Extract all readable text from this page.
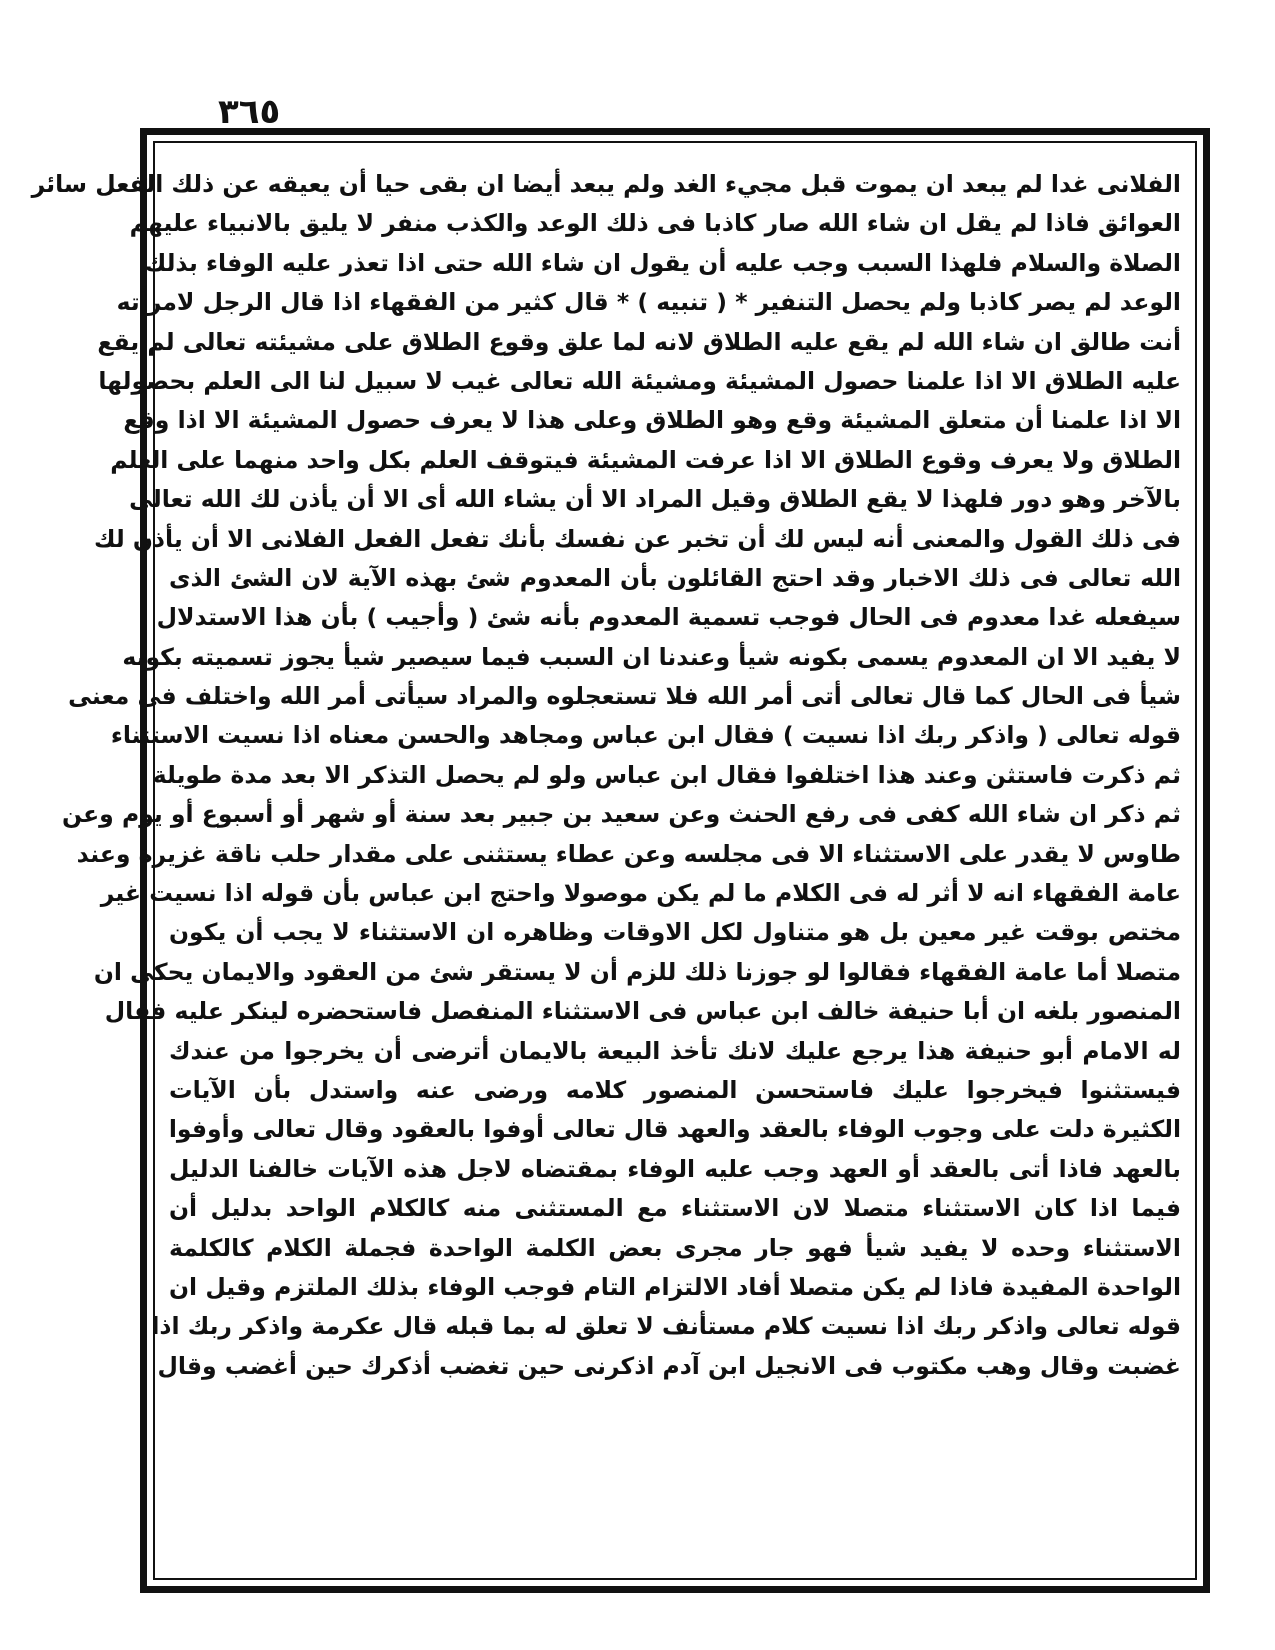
٣٦٥
الفلانى غدا لم يبعد ان يموت قبل مجيء الغد ولم يبعد أيضا ان بقى حيا أن يعيقه عن ذلك الفعل سائر
العوائق فاذا لم يقل ان شاء الله صار كاذبا فى ذلك الوعد والكذب منفر لا يليق بالانبياء عليهم
الصلاة والسلام فلهذا السبب وجب عليه أن يقول ان شاء الله حتى اذا تعذر عليه الوفاء بذلك
الوعد لم يصر كاذبا ولم يحصل التنفير * ( تنبيه ) * قال كثير من الفقهاء اذا قال الرجل لامرأته
أنت طالق ان شاء الله لم يقع عليه الطلاق لانه لما علق وقوع الطلاق على مشيئته تعالى لم يقع
عليه الطلاق الا اذا علمنا حصول المشيئة ومشيئة الله تعالى غيب لا سبيل لنا الى العلم بحصولها
الا اذا علمنا أن متعلق المشيئة وقع وهو الطلاق وعلى هذا لا يعرف حصول المشيئة الا اذا وقع
الطلاق ولا يعرف وقوع الطلاق الا اذا عرفت المشيئة فيتوقف العلم بكل واحد منهما على العلم
بالآخر وهو دور فلهذا لا يقع الطلاق وقيل المراد الا أن يشاء الله أى الا أن يأذن لك الله تعالى
فى ذلك القول والمعنى أنه ليس لك أن تخبر عن نفسك بأنك تفعل الفعل الفلانى الا أن يأذن لك
الله تعالى فى ذلك الاخبار وقد احتج القائلون بأن المعدوم شئ بهذه الآية لان الشئ الذى
سيفعله غدا معدوم فى الحال فوجب تسمية المعدوم بأنه شئ ( وأجيب ) بأن هذا الاستدلال
لا يفيد الا ان المعدوم يسمى بكونه شيأ وعندنا ان السبب فيما سيصير شيأ يجوز تسميته بكونه
شيأ فى الحال كما قال تعالى أتى أمر الله فلا تستعجلوه والمراد سيأتى أمر الله واختلف فى معنى
قوله تعالى ( واذكر ربك اذا نسيت ) فقال ابن عباس ومجاهد والحسن معناه اذا نسيت الاستثناء
ثم ذكرت فاستثن وعند هذا اختلفوا فقال ابن عباس ولو لم يحصل التذكر الا بعد مدة طويلة
ثم ذكر ان شاء الله كفى فى رفع الحنث وعن سعيد بن جبير بعد سنة أو شهر أو أسبوع أو يوم وعن
طاوس لا يقدر على الاستثناء الا فى مجلسه وعن عطاء يستثنى على مقدار حلب ناقة غزيرة وعند
عامة الفقهاء انه لا أثر له فى الكلام ما لم يكن موصولا واحتج ابن عباس بأن قوله اذا نسيت غير
مختص بوقت غير معين بل هو متناول لكل الاوقات وظاهره ان الاستثناء لا يجب أن يكون
متصلا أما عامة الفقهاء فقالوا لو جوزنا ذلك للزم أن لا يستقر شئ من العقود والايمان يحكى ان
المنصور بلغه ان أبا حنيفة خالف ابن عباس فى الاستثناء المنفصل فاستحضره لينكر عليه فقال
له الامام أبو حنيفة هذا يرجع عليك لانك تأخذ البيعة بالايمان أترضى أن يخرجوا من عندك
فيستثنوا فيخرجوا عليك فاستحسن المنصور كلامه ورضى عنه واستدل بأن الآيات
الكثيرة دلت على وجوب الوفاء بالعقد والعهد قال تعالى أوفوا بالعقود وقال تعالى وأوفوا
بالعهد فاذا أتى بالعقد أو العهد وجب عليه الوفاء بمقتضاه لاجل هذه الآيات خالفنا الدليل
فيما اذا كان الاستثناء متصلا لان الاستثناء مع المستثنى منه كالكلام الواحد بدليل أن
الاستثناء وحده لا يفيد شيأ فهو جار مجرى بعض الكلمة الواحدة فجملة الكلام كالكلمة
الواحدة المفيدة فاذا لم يكن متصلا أفاد الالتزام التام فوجب الوفاء بذلك الملتزم وقيل ان
قوله تعالى واذكر ربك اذا نسيت كلام مستأنف لا تعلق له بما قبله قال عكرمة واذكر ربك اذا
غضبت وقال وهب مكتوب فى الانجيل ابن آدم اذكرنى حين تغضب أذكرك حين أغضب وقال
